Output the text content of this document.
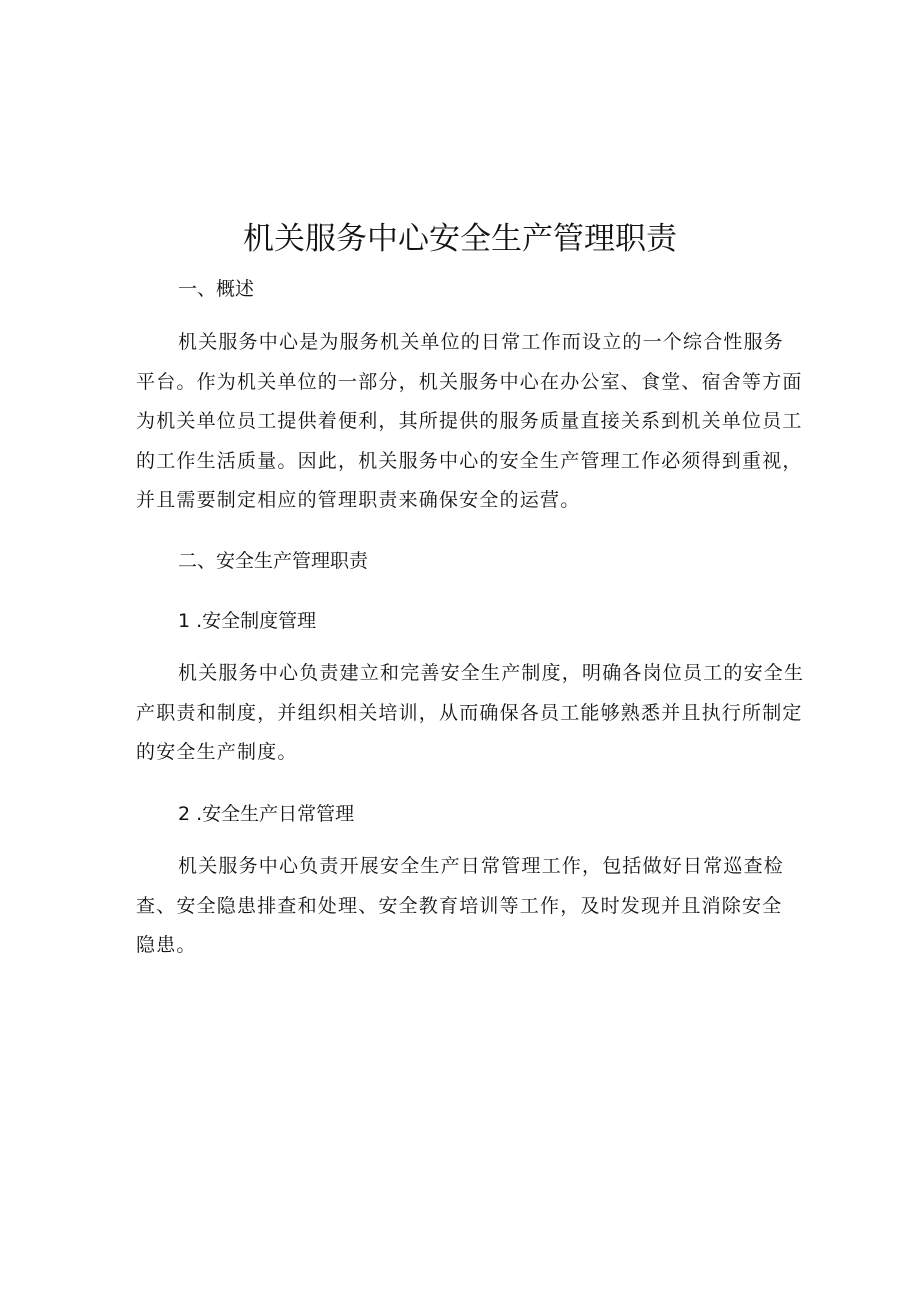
机关服务中心安全生产管理职责
一、概述
机关服务中心是为服务机关单位的日常工作而设立的一个综合性服务
平台。作为机关单位的一部分，机关服务中心在办公室、食堂、宿舍等方面
为机关单位员工提供着便利，其所提供的服务质量直接关系到机关单位员工
的工作生活质量。因此，机关服务中心的安全生产管理工作必须得到重视，
并且需要制定相应的管理职责来确保安全的运营。
二、安全生产管理职责
1 .安全制度管理
机关服务中心负责建立和完善安全生产制度，明确各岗位员工的安全生
产职责和制度，并组织相关培训，从而确保各员工能够熟悉并且执行所制定
的安全生产制度。
2 .安全生产日常管理
机关服务中心负责开展安全生产日常管理工作，包括做好日常巡查检
查、安全隐患排查和处理、安全教育培训等工作，及时发现并且消除安全
隐患。
